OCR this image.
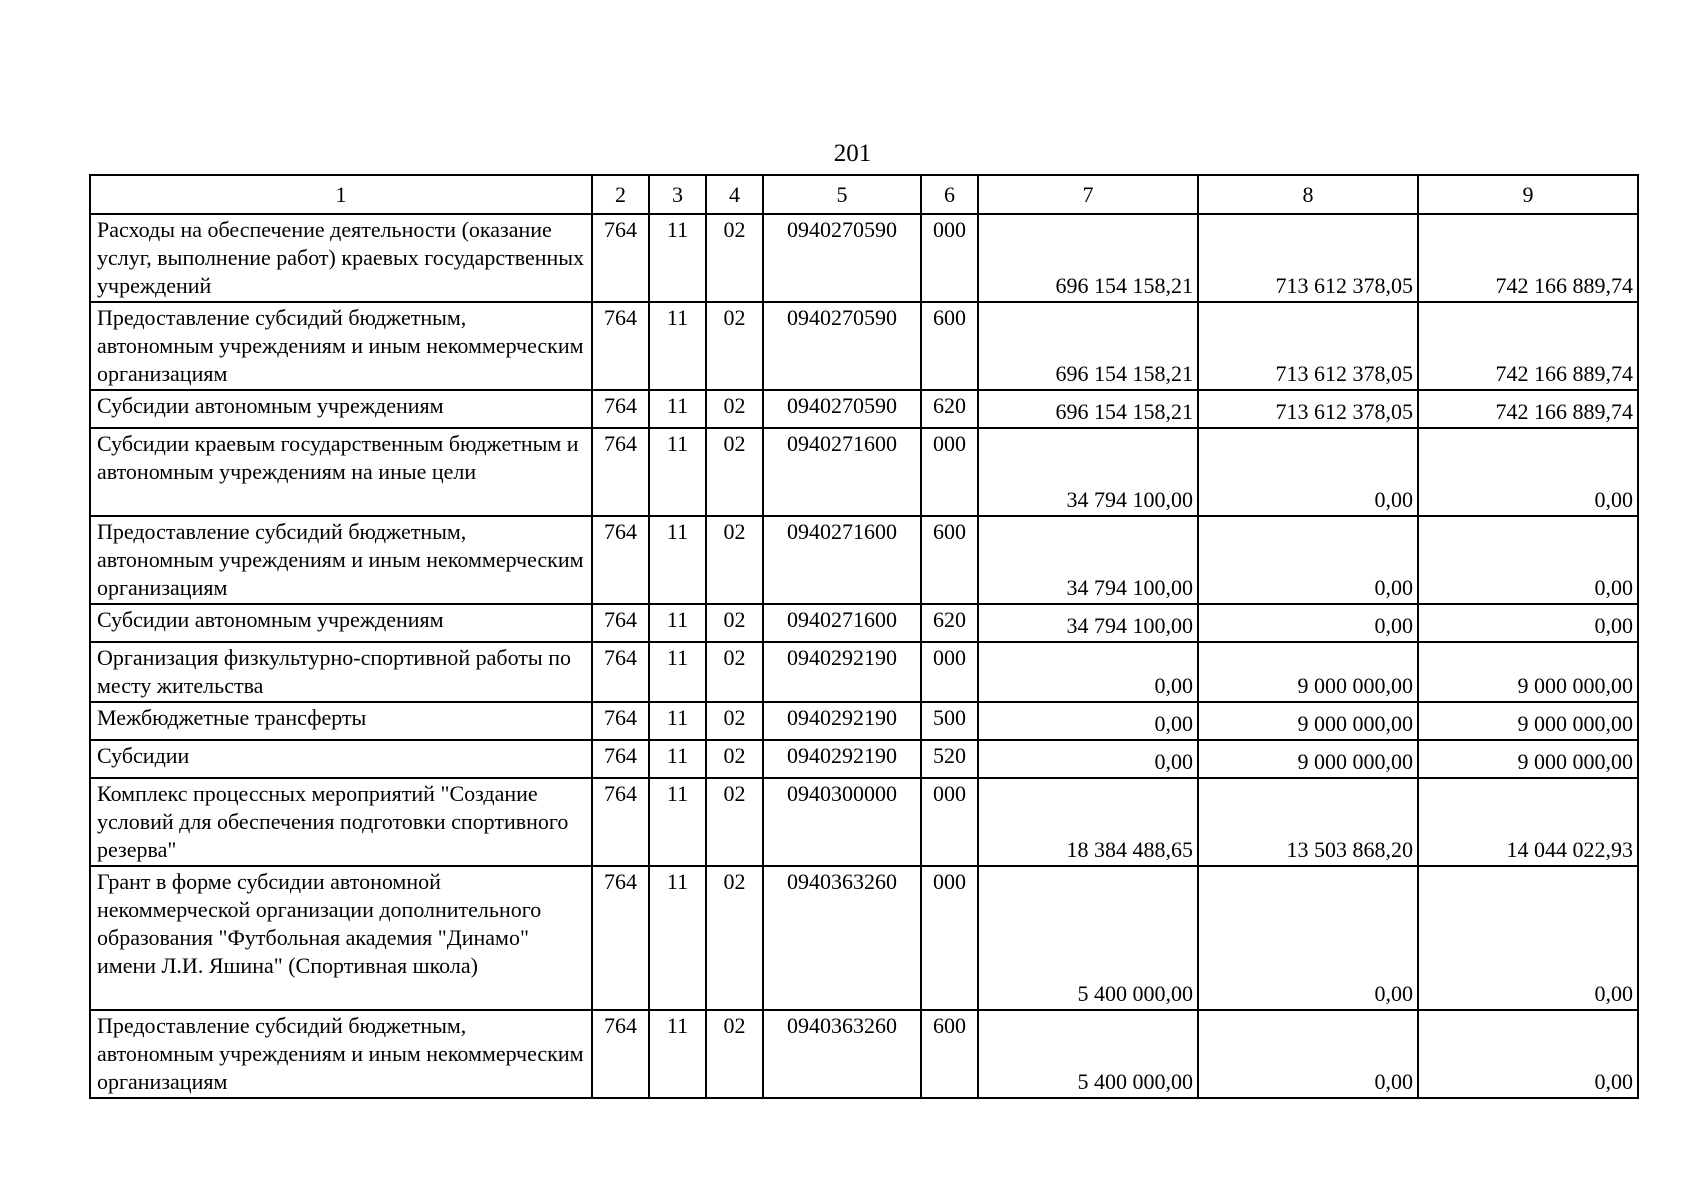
201
1	2	3	4	5	6	7	8	9
Расходы на обеспечение деятельности (оказание услуг, выполнение работ) краевых государственных учреждений	764	11	02	0940270590	000	696 154 158,21	713 612 378,05	742 166 889,74
Предоставление субсидий бюджетным, автономным учреждениям и иным некоммерческим организациям	764	11	02	0940270590	600	696 154 158,21	713 612 378,05	742 166 889,74
Субсидии автономным учреждениям	764	11	02	0940270590	620	696 154 158,21	713 612 378,05	742 166 889,74
Субсидии краевым государственным бюджетным и автономным учреждениям на иные цели	764	11	02	0940271600	000	34 794 100,00	0,00	0,00
Предоставление субсидий бюджетным, автономным учреждениям и иным некоммерческим организациям	764	11	02	0940271600	600	34 794 100,00	0,00	0,00
Субсидии автономным учреждениям	764	11	02	0940271600	620	34 794 100,00	0,00	0,00
Организация физкультурно-спортивной работы по месту жительства	764	11	02	0940292190	000	0,00	9 000 000,00	9 000 000,00
Межбюджетные трансферты	764	11	02	0940292190	500	0,00	9 000 000,00	9 000 000,00
Субсидии	764	11	02	0940292190	520	0,00	9 000 000,00	9 000 000,00
Комплекс процессных мероприятий "Создание условий для обеспечения подготовки спортивного резерва"	764	11	02	0940300000	000	18 384 488,65	13 503 868,20	14 044 022,93
Грант в форме субсидии автономной некоммерческой организации дополнительного образования "Футбольная академия "Динамо" имени Л.И. Яшина" (Спортивная школа)	764	11	02	0940363260	000	5 400 000,00	0,00	0,00
Предоставление субсидий бюджетным, автономным учреждениям и иным некоммерческим организациям	764	11	02	0940363260	600	5 400 000,00	0,00	0,00
